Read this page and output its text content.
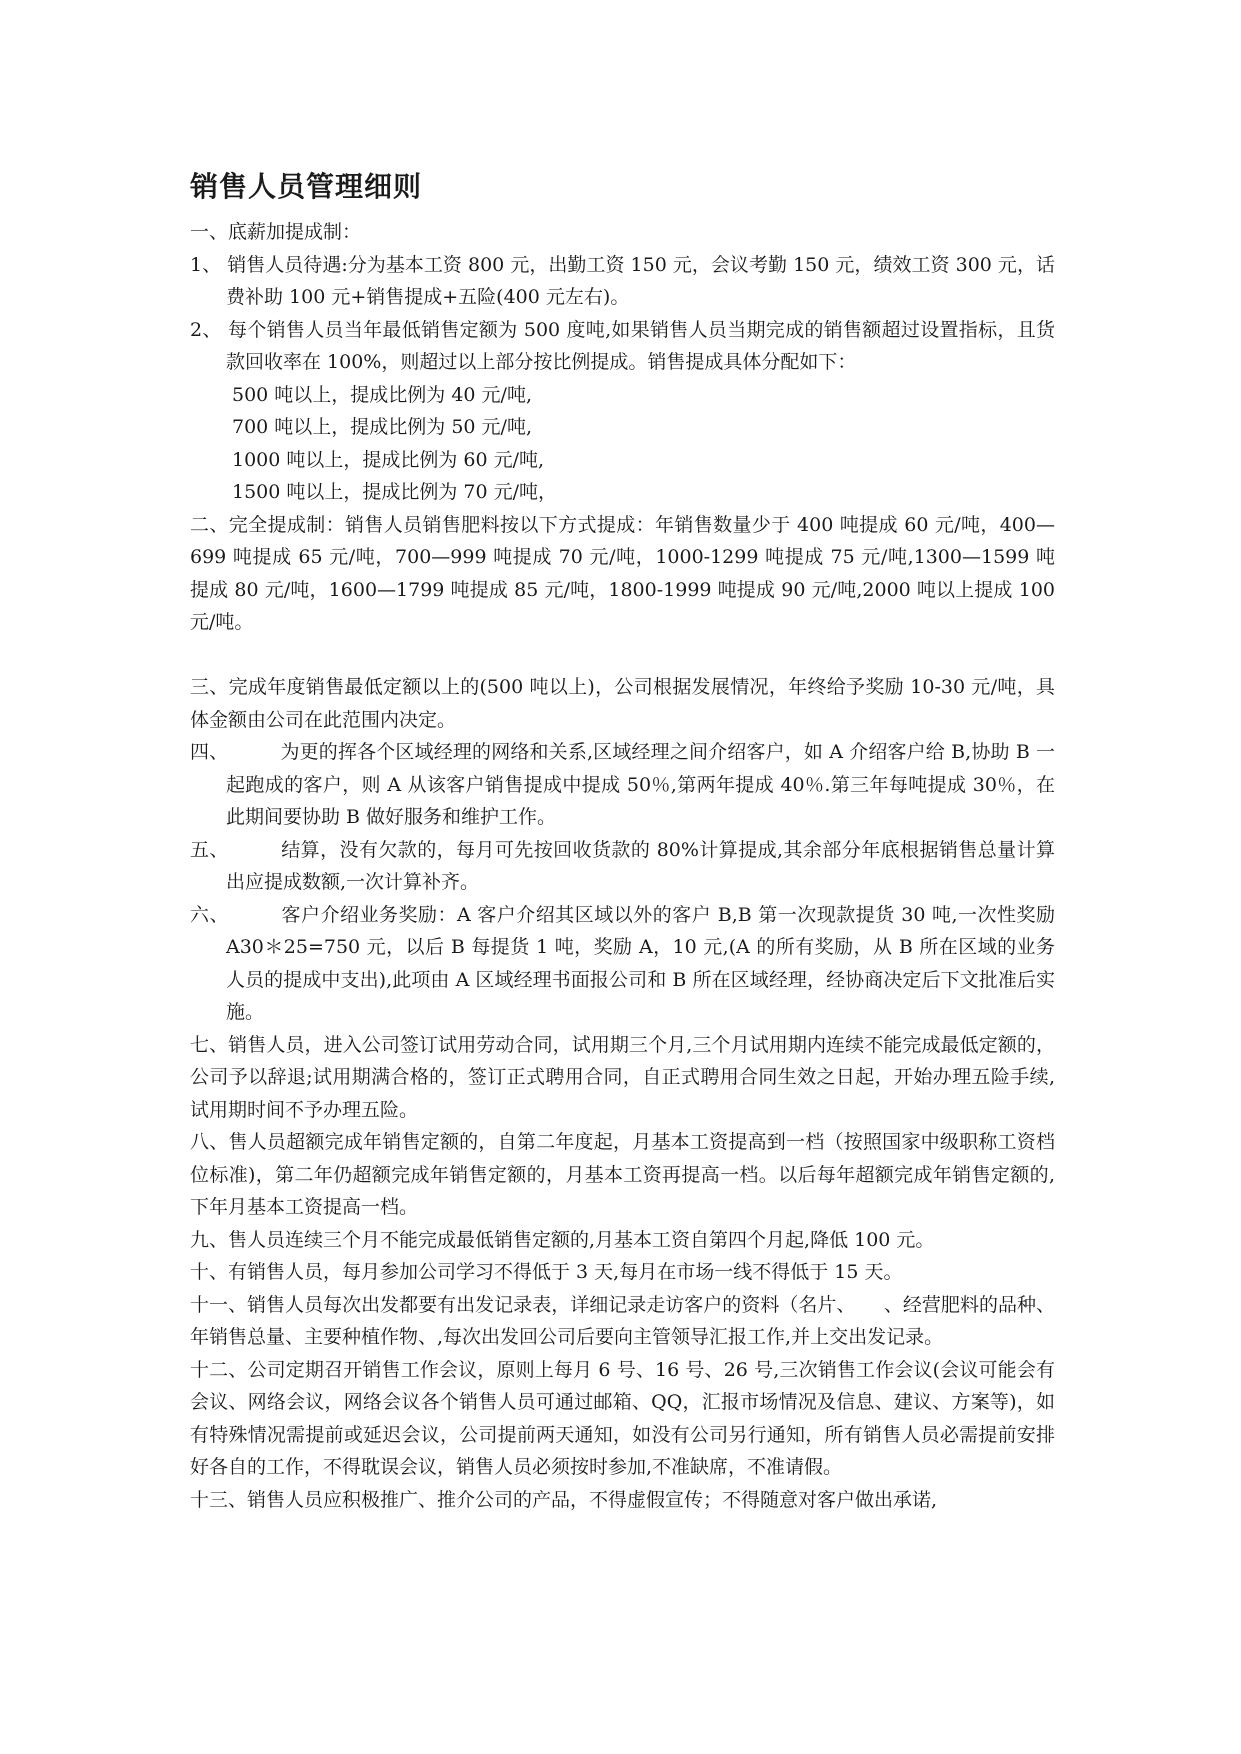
销售人员管理细则

一、底薪加提成制：

1、 销售人员待遇:分为基本工资 800 元，出勤工资 150 元，会议考勤 150 元，绩效工资 300 元，话费补助 100 元+销售提成+五险(400 元左右)。

2、 每个销售人员当年最低销售定额为 500 度吨,如果销售人员当期完成的销售额超过设置指标，且货款回收率在 100%，则超过以上部分按比例提成。销售提成具体分配如下：

500 吨以上，提成比例为 40 元/吨,

700 吨以上，提成比例为 50 元/吨,

1000 吨以上，提成比例为 60 元/吨,

1500 吨以上，提成比例为 70 元/吨，

二、完全提成制：销售人员销售肥料按以下方式提成：年销售数量少于 400 吨提成 60 元/吨，400—699 吨提成 65 元/吨，700—999 吨提成 70 元/吨，1000-1299 吨提成 75 元/吨,1300—1599 吨提成 80 元/吨，1600—1799 吨提成 85 元/吨，1800-1999 吨提成 90 元/吨,2000 吨以上提成 100 元/吨。

三、完成年度销售最低定额以上的(500 吨以上)，公司根据发展情况，年终给予奖励 10-30 元/吨，具体金额由公司在此范围内决定。

四、	为更的挥各个区域经理的网络和关系,区域经理之间介绍客户，如 A 介绍客户给 B,协助 B 一起跑成的客户，则 A 从该客户销售提成中提成 50％,第两年提成 40％.第三年每吨提成 30％，在此期间要协助 B 做好服务和维护工作。

五、	结算，没有欠款的，每月可先按回收货款的 80%计算提成,其余部分年底根据销售总量计算出应提成数额,一次计算补齐。

六、	客户介绍业务奖励：A 客户介绍其区域以外的客户 B,B 第一次现款提货 30 吨,一次性奖励 A30＊25=750 元，以后 B 每提货 1 吨，奖励 A，10 元,(A 的所有奖励，从 B 所在区域的业务人员的提成中支出),此项由 A 区域经理书面报公司和 B 所在区域经理，经协商决定后下文批准后实施。

七、销售人员，进入公司签订试用劳动合同，试用期三个月,三个月试用期内连续不能完成最低定额的，公司予以辞退;试用期满合格的，签订正式聘用合同，自正式聘用合同生效之日起，开始办理五险手续,试用期时间不予办理五险。

八、售人员超额完成年销售定额的，自第二年度起，月基本工资提高到一档（按照国家中级职称工资档位标准)，第二年仍超额完成年销售定额的，月基本工资再提高一档。以后每年超额完成年销售定额的,下年月基本工资提高一档。

九、售人员连续三个月不能完成最低销售定额的,月基本工资自第四个月起,降低 100 元。

十、有销售人员，每月参加公司学习不得低于 3 天,每月在市场一线不得低于 15 天。

十一、销售人员每次出发都要有出发记录表，详细记录走访客户的资料（名片、　　、经营肥料的品种、年销售总量、主要种植作物、,每次出发回公司后要向主管领导汇报工作,并上交出发记录。

十二、公司定期召开销售工作会议，原则上每月 6 号、16 号、26 号,三次销售工作会议(会议可能会有　　会议、网络会议，网络会议各个销售人员可通过邮箱、QQ，汇报市场情况及信息、建议、方案等)，如有特殊情况需提前或延迟会议，公司提前两天通知，如没有公司另行通知，所有销售人员必需提前安排好各自的工作，不得耽误会议，销售人员必须按时参加,不准缺席，不准请假。

十三、销售人员应积极推广、推介公司的产品，不得虚假宣传；不得随意对客户做出承诺,
